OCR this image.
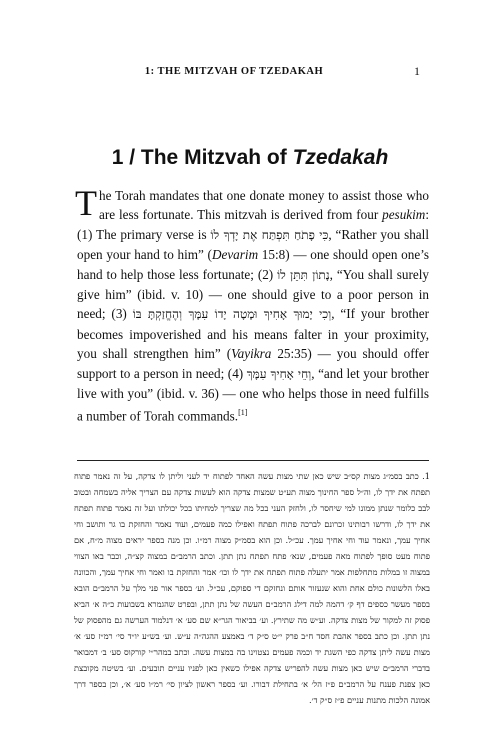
1: THE MITZVAH OF TZEDAKAH	1
1 / The Mitzvah of Tzedakah
The Torah mandates that one donate money to assist those who are less fortunate. This mitzvah is derived from four pesukim: (1) The primary verse is כִּי פָתֹחַ תִּפְתַּח אֶת יָדְךָ לוֹ, “Rather you shall open your hand to him” (Devarim 15:8) — one should open one’s hand to help those less fortunate; (2) נָתוֹן תִּתֵּן לוֹ, “You shall surely give him” (ibid. v. 10) — one should give to a poor person in need; (3) וְכִי יָמוּךְ אָחִיךָ וּמָטָה יָדוֹ עִמָּךְ וְהֶחֱזַקְתָּ בּוֹ, “If your brother becomes impoverished and his means falter in your proximity, you shall strengthen him” (Vayikra 25:35) — you should offer support to a person in need; (4) וְחֵי אָחִיךָ עִמָּךְ, “and let your brother live with you” (ibid. v. 36) — one who helps those in need fulfills a number of Torah commands.[1]
1. כתב בסמ״ג מצות קס״ב שיש כאן שתי מצות עשה האחד לפתוח יד לעני וליתן לו צדקה, על זה נאמר פתוח תפתח את ידך לו, וה״ל ספר החינוך מצוה תע״ט שמצות צדקה הוא לעשות צדקה עם הצריך אליה בשמחה ובטוב לבב כלומר שנתן ממונו למי שיחסר לו, ולחזק העני בכל מה שצריך למחיתו בכל יכולתו ועל זה נאמר פתוח תפתח את ידך לו, ודרשו רבותינו זכרונם לברכה פתוח תפתח ואפילו כמה פעמים, ועוד נאמר והחזקת בו גר ותושב וחי אחיך עמך, ונאמר עוד וחי אחיך עמך. עכ״ל. וכן הוא בסמ״ק מצוה רמ״ו. וכן מנה בספר יראים מצוה מ״ח, אם פתוח מעט סופך לפתוח מאה פעמים, שנא׳ פתח תפתח נתן תתן. וכתב הרמב״ם במצוה קצ״ה, וכבר באו הצווי במצוה זו במלות מתחלפות אמר יתעלה פתוח תפתח את ידך לו וכו׳ אמר והחזקת בו ואמר וחי אחיך עמך, והכוונה באלו הלשונות כולם אחת והוא שנעזור אותם ונחזקם די ספוקם, עכ״ל. וע׳ בספר אור פני מלך על הרמב״ם הובא בספר מעשר כספים דף ק׳ דהמה למה דילג הרמב״ם העשה של נתן תתן, ובפרט שהגמרא בשבועות כ״ה א׳ הביא פסוק זה למקור של מצות צדקה. וע״ש מה שתירץ. וע׳ בביאור הגר״א שם סע׳ א׳ דנלמוד הערשה גם מהפסוק של נתן תתן. וכן כתב בספר אהבת חסד ח״ב פרק י״ט ס״ק ד׳ באמצע ההגה״ה ע״ש. וע׳ בש״ע יו״ד סי׳ רמ״ז סע׳ א׳ מצות עשה ליתן צדקה כפי השגת יד וכמה פעמים נצטוינו בה במצות עשה. וכתב במהר״י קורקוס סע׳ ב׳ דמבואר בדברי הרמב״ם שיש כאן מצות עשה להפריש צדקה אפילו כשאין כאן לפניו עניים תובעים. וע׳ בשיטה מקובצת כאן צפנת פענח על הרמב״ם פ״ז הל׳ א׳ בתחילת דבורו. וע׳ בספר ראשון לציון סי׳ רמ״ו סע׳ א׳, וכן בספר דרך אמונה הלכות מתנות עניים פ״ז ס״ק ד׳.
